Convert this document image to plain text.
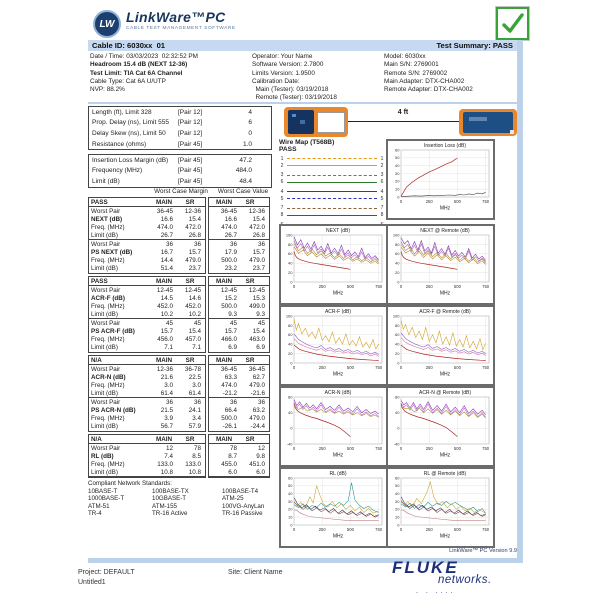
LW LinkWare™PC
CABLE TEST MANAGEMENT SOFTWARE
Cable ID: 6030xx  01	Test Summary: PASS
Date / Time: 03/03/2023  02:32:52 PM
Headroom 15.4 dB (NEXT 12-36)
Test Limit: TIA Cat 6A Channel
Cable Type: Cat 6A U/UTP
NVP: 88.2%
Operator: Your Name
Software Version: 2.7800
Limits Version: 1.9500
Calibration Date:
Main (Tester): 03/19/2018
Remote (Tester): 03/19/2018
Model: 6030xx
Main S/N: 2769001
Remote S/N: 2769002
Main Adapter: DTX-CHA002
Remote Adapter: DTX-CHA002
Worst Case Margin	Worst Case Value
Compliant Network Standards:
10BASE-T	100BASE-TX	100BASE-T4
1000BASE-T	10GBASE-T	ATM-25
ATM-51	ATM-155	100VG-AnyLan
TR-4	TR-16 Active	TR-16 Passive
4 ft
Wire Map (T568B)
PASS
1	1
2	2
3	3
6	6
4	4
5	5
7	7
8	8
LinkWare™ PC Version 9.9
Project: DEFAULT
Untitled1
Site: Client Name	FLUKE
. . ....
networks.
Length (ft), Limit 328	[Pair 12]	4
Prop. Delay (ns), Limit 555	[Pair 12]	6
Delay Skew (ns), Limit 50	[Pair 12]	0
Resistance (ohms)	[Pair 45]	1.0
Insertion Loss Margin (dB)	[Pair 45]	47.2
Frequency (MHz)	[Pair 45]	484.0
Limit (dB)	[Pair 45]	48.4
PASS	MAIN	SR
Worst Pair	36-45	12-36
NEXT (dB)	16.6	15.4
Freq. (MHz)	474.0	472.0
Limit (dB)	26.7	26.8
Worst Pair	36	36
PS NEXT (dB)	16.7	15.7
Freq. (MHz)	14.4	479.0
Limit (dB)	51.4	23.7
MAIN	SR
36-45	12-36
16.6	15.4
474.0	472.0
26.7	26.8
36	36
17.9	15.7
500.0	479.0
23.2	23.7
PASS	MAIN	SR
Worst Pair	12-45	12-45
ACR-F (dB)	14.5	14.6
Freq. (MHz)	452.0	452.0
Limit (dB)	10.2	10.2
Worst Pair	45	45
PS ACR-F (dB)	15.7	15.4
Freq. (MHz)	456.0	457.0
Limit (dB)	7.1	7.1
MAIN	SR
12-45	12-45
15.2	15.3
500.0	499.0
9.3	9.3
45	45
15.7	15.4
466.0	463.0
6.9	6.9
N/A	MAIN	SR
Worst Pair	12-36	36-78
ACR-N (dB)	21.6	22.5
Freq. (MHz)	3.0	3.0
Limit (dB)	61.4	61.4
Worst Pair	36	36
PS ACR-N (dB)	21.5	24.1
Freq. (MHz)	3.9	3.4
Limit (dB)	56.7	57.9
MAIN	SR
36-45	36-45
63.3	62.7
474.0	479.0
-21.2	-21.6
36	36
66.4	63.2
500.0	479.0
-26.1	-24.4
N/A	MAIN	SR
Worst Pair	12	78
RL (dB)	7.4	8.5
Freq. (MHz)	133.0	133.0
Limit (dB)	10.8	10.8
MAIN	SR
78	12
8.7	9.8
455.0	451.0
6.0	6.0
0
10
20
30
40
50
60
0	250	500	750
Insertion Loss (dB)
MHz
0
20
40
60
80
100
0	250	500	750
NEXT (dB)
MHz
0
20
40
60
80
100
0	250	500	750
NEXT @ Remote (dB)
MHz
0
20
40
60
80
100
0	250	500	750
ACR-F (dB)
MHz
0
20
40
60
80
100
0	250	500	750
ACR-F @ Remote (dB)
MHz
-40
0
40
80
0	250	500	750
ACR-N (dB)
MHz
-40
0
40
80
0	250	500	750
ACR-N @ Remote (dB)
MHz
0
10
20
30
40
50
60
0	250	500	750
RL (dB)
MHz
0
10
20
30
40
50
60
0	250	500	750
RL @ Remote (dB)
MHz
